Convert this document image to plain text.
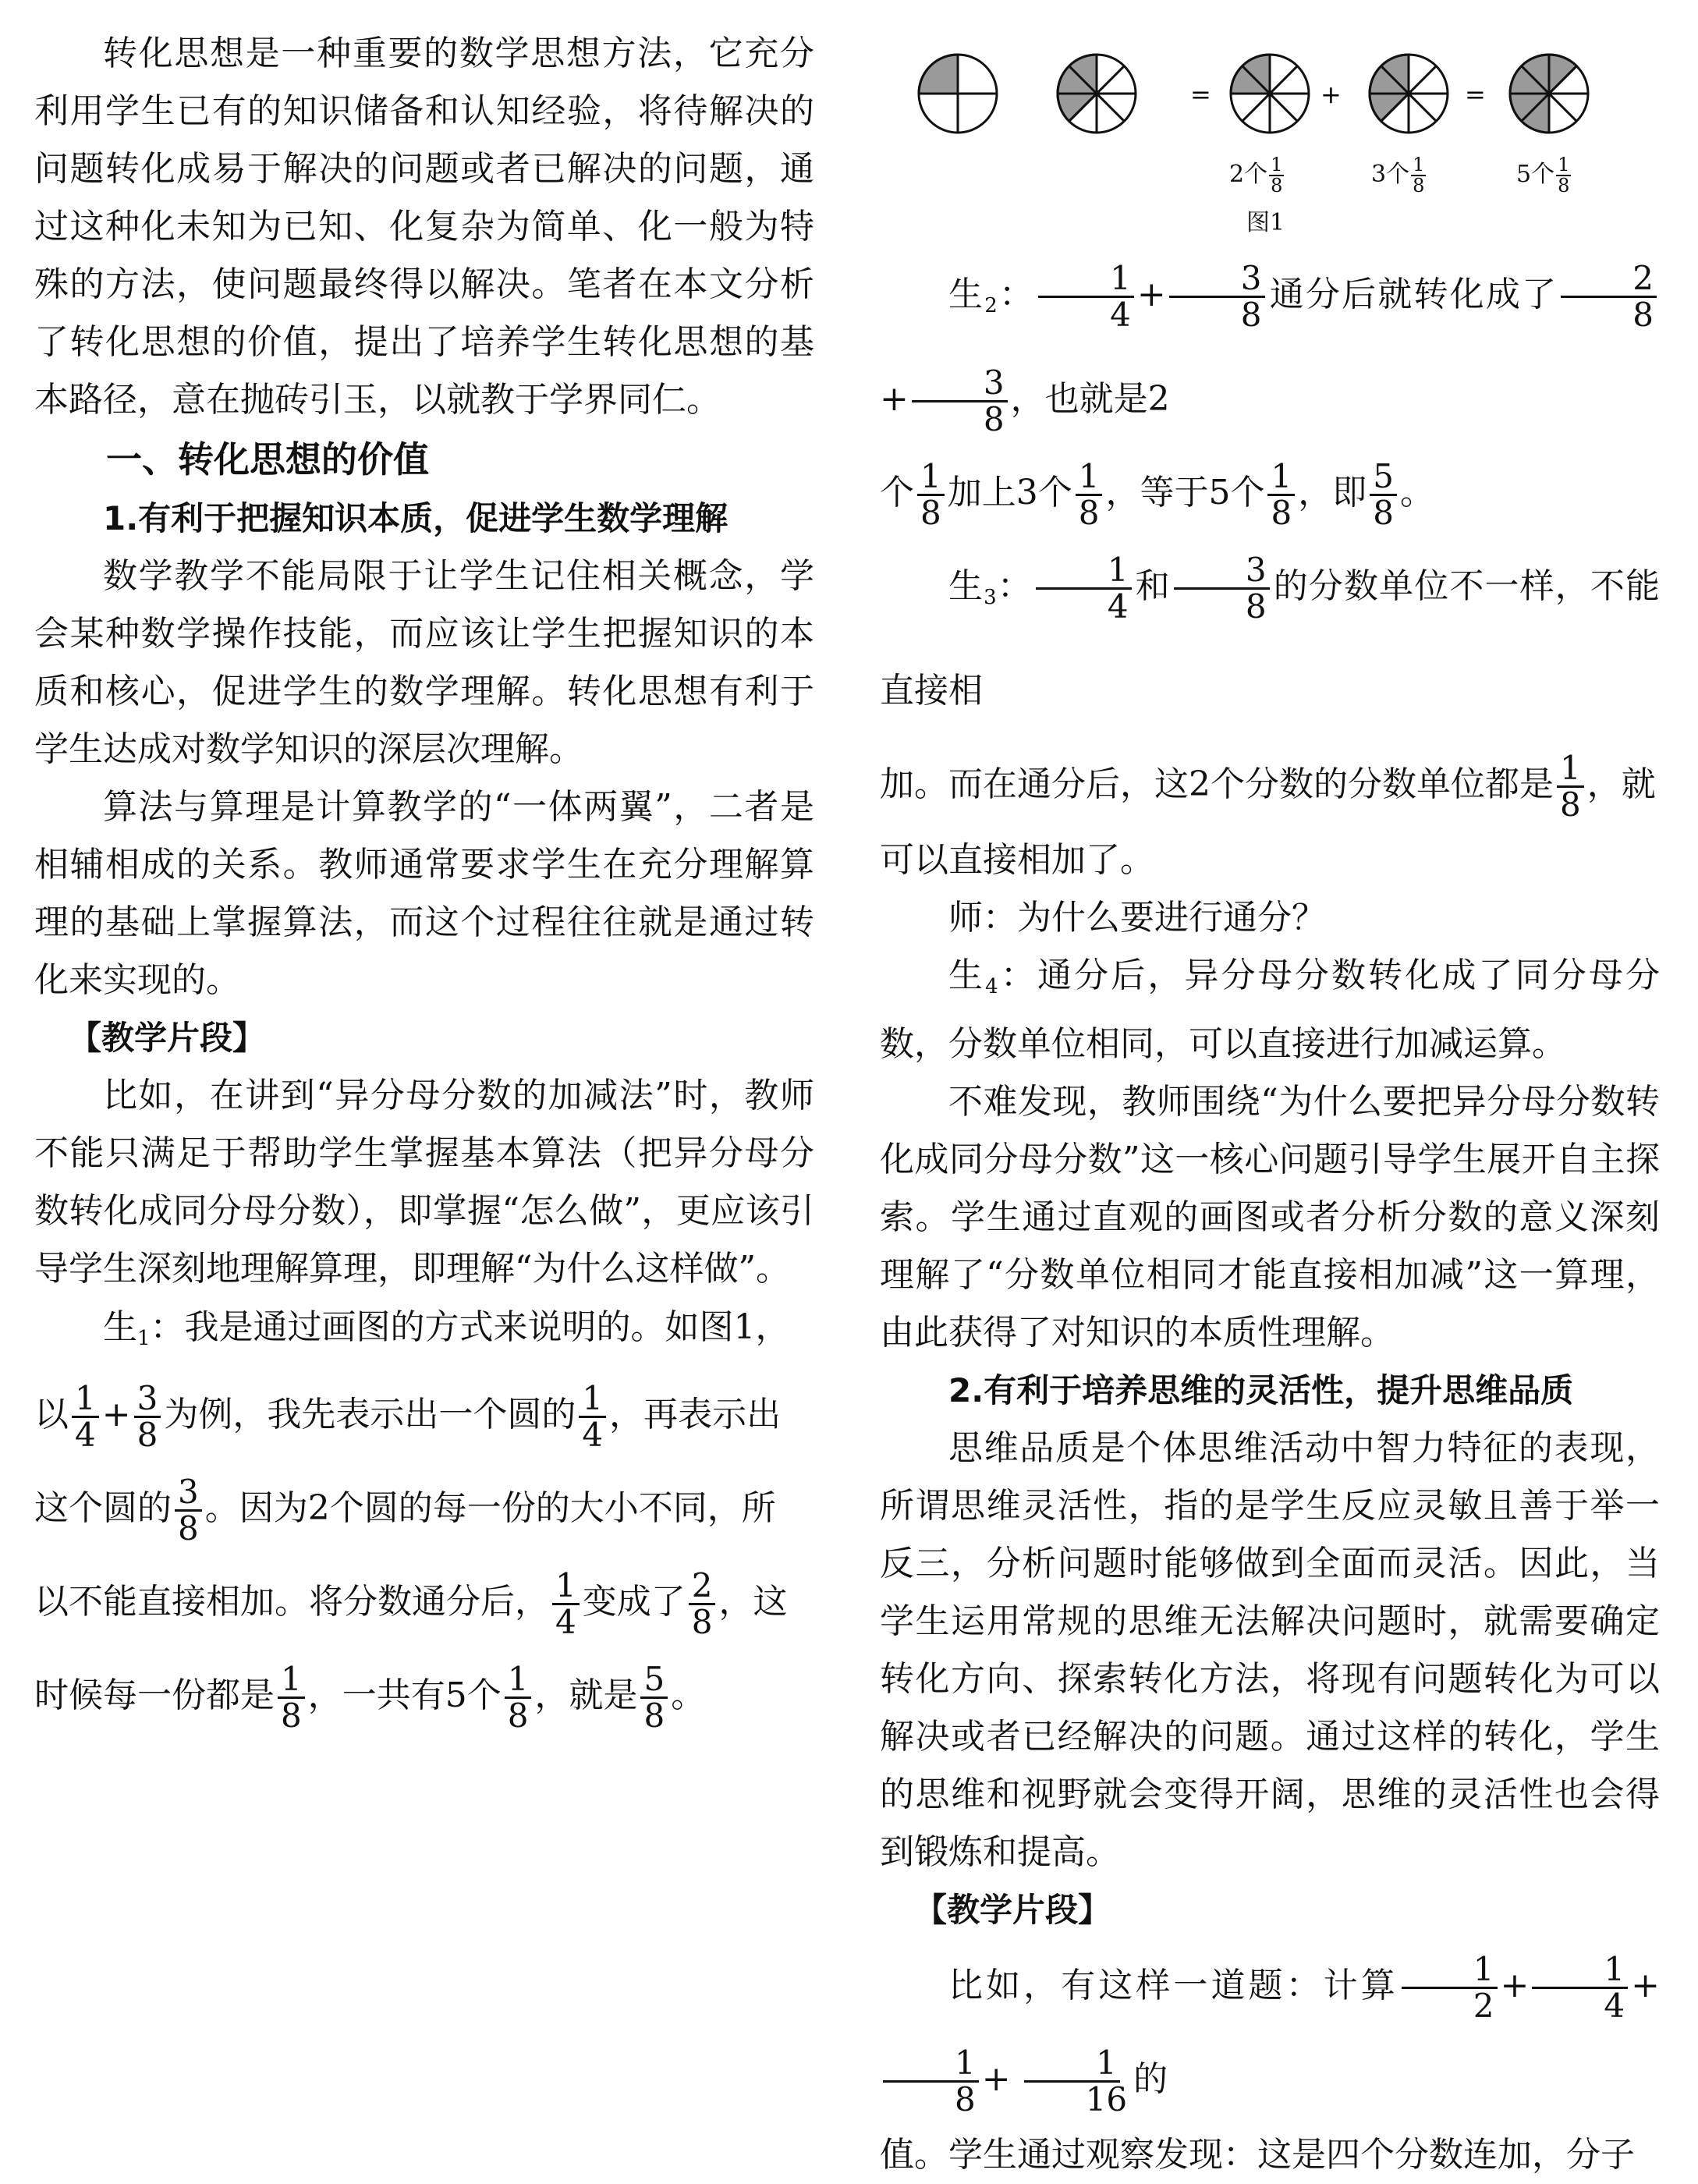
转化思想是一种重要的数学思想方法，它充分利用学生已有的知识储备和认知经验，将待解决的问题转化成易于解决的问题或者已解决的问题，通过这种化未知为已知、化复杂为简单、化一般为特殊的方法，使问题最终得以解决。笔者在本文分析了转化思想的价值，提出了培养学生转化思想的基本路径，意在抛砖引玉，以就教于学界同仁。

一、转化思想的价值
1.有利于把握知识本质，促进学生数学理解

数学教学不能局限于让学生记住相关概念，学会某种数学操作技能，而应该让学生把握知识的本质和核心，促进学生的数学理解。转化思想有利于学生达成对数学知识的深层次理解。

算法与算理是计算教学的“一体两翼”，二者是相辅相成的关系。教师通常要求学生在充分理解算理的基础上掌握算法，而这个过程往往就是通过转化来实现的。

【教学片段】

比如，在讲到“异分母分数的加减法”时，教师不能只满足于帮助学生掌握基本算法（把异分母分数转化成同分母分数），即掌握“怎么做”，更应该引导学生深刻地理解算理，即理解“为什么这样做”。

生$_1$：我是通过画图的方式来说明的。如图1，

以 $\frac{1}{4} + \frac{3}{8}$ 为例，我先表示出一个圆的 $\frac{1}{4}$ ，再表示出

这个圆的 $\frac{3}{8}$ 。因为2个圆的每一份的大小不同，所

以不能直接相加。将分数通分后， $\frac{1}{4}$ 变成了 $\frac{2}{8}$ ，这

时候每一份都是 $\frac{1}{8}$ ，一共有5个 $\frac{1}{8}$ ，就是 $\frac{5}{8}$ 。

=	+	=
2个 $\frac{1}{8}$	3个 $\frac{1}{8}$	5个 $\frac{1}{8}$
图1

生$_2$： $\frac{1}{4} + \frac{3}{8}$ 通分后就转化成了 $\frac{2}{8}$
+ $\frac{3}{8}$ ，也就是2

个 $\frac{1}{8}$ 加上3个 $\frac{1}{8}$ ，等于5个 $\frac{1}{8}$ ，即 $\frac{5}{8}$ 。

生$_3$： $\frac{1}{4}$ 和 $\frac{3}{8}$ 的分数单位不一样，不能直接相

加。而在通分后，这2个分数的分数单位都是 $\frac{1}{8}$ ，就

可以直接相加了。

师：为什么要进行通分？

生$_4$：通分后，异分母分数转化成了同分母分数，分数单位相同，可以直接进行加减运算。

不难发现，教师围绕“为什么要把异分母分数转化成同分母分数”这一核心问题引导学生展开自主探索。学生通过直观的画图或者分析分数的意义深刻理解了“分数单位相同才能直接相加减”这一算理，由此获得了对知识的本质性理解。

2.有利于培养思维的灵活性，提升思维品质

思维品质是个体思维活动中智力特征的表现，所谓思维灵活性，指的是学生反应灵敏且善于举一反三，分析问题时能够做到全面而灵活。因此，当学生运用常规的思维无法解决问题时，就需要确定转化方向、探索转化方法，将现有问题转化为可以解决或者已经解决的问题。通过这样的转化，学生的思维和视野就会变得开阔，思维的灵活性也会得到锻炼和提高。

【教学片段】

比如，有这样一道题：计算 $\frac{1}{2} + \frac{1}{4}$ +
$\frac{1}{8} + \frac{1}{16}$ 的

值。学生通过观察发现：这是四个分数连加，分子
